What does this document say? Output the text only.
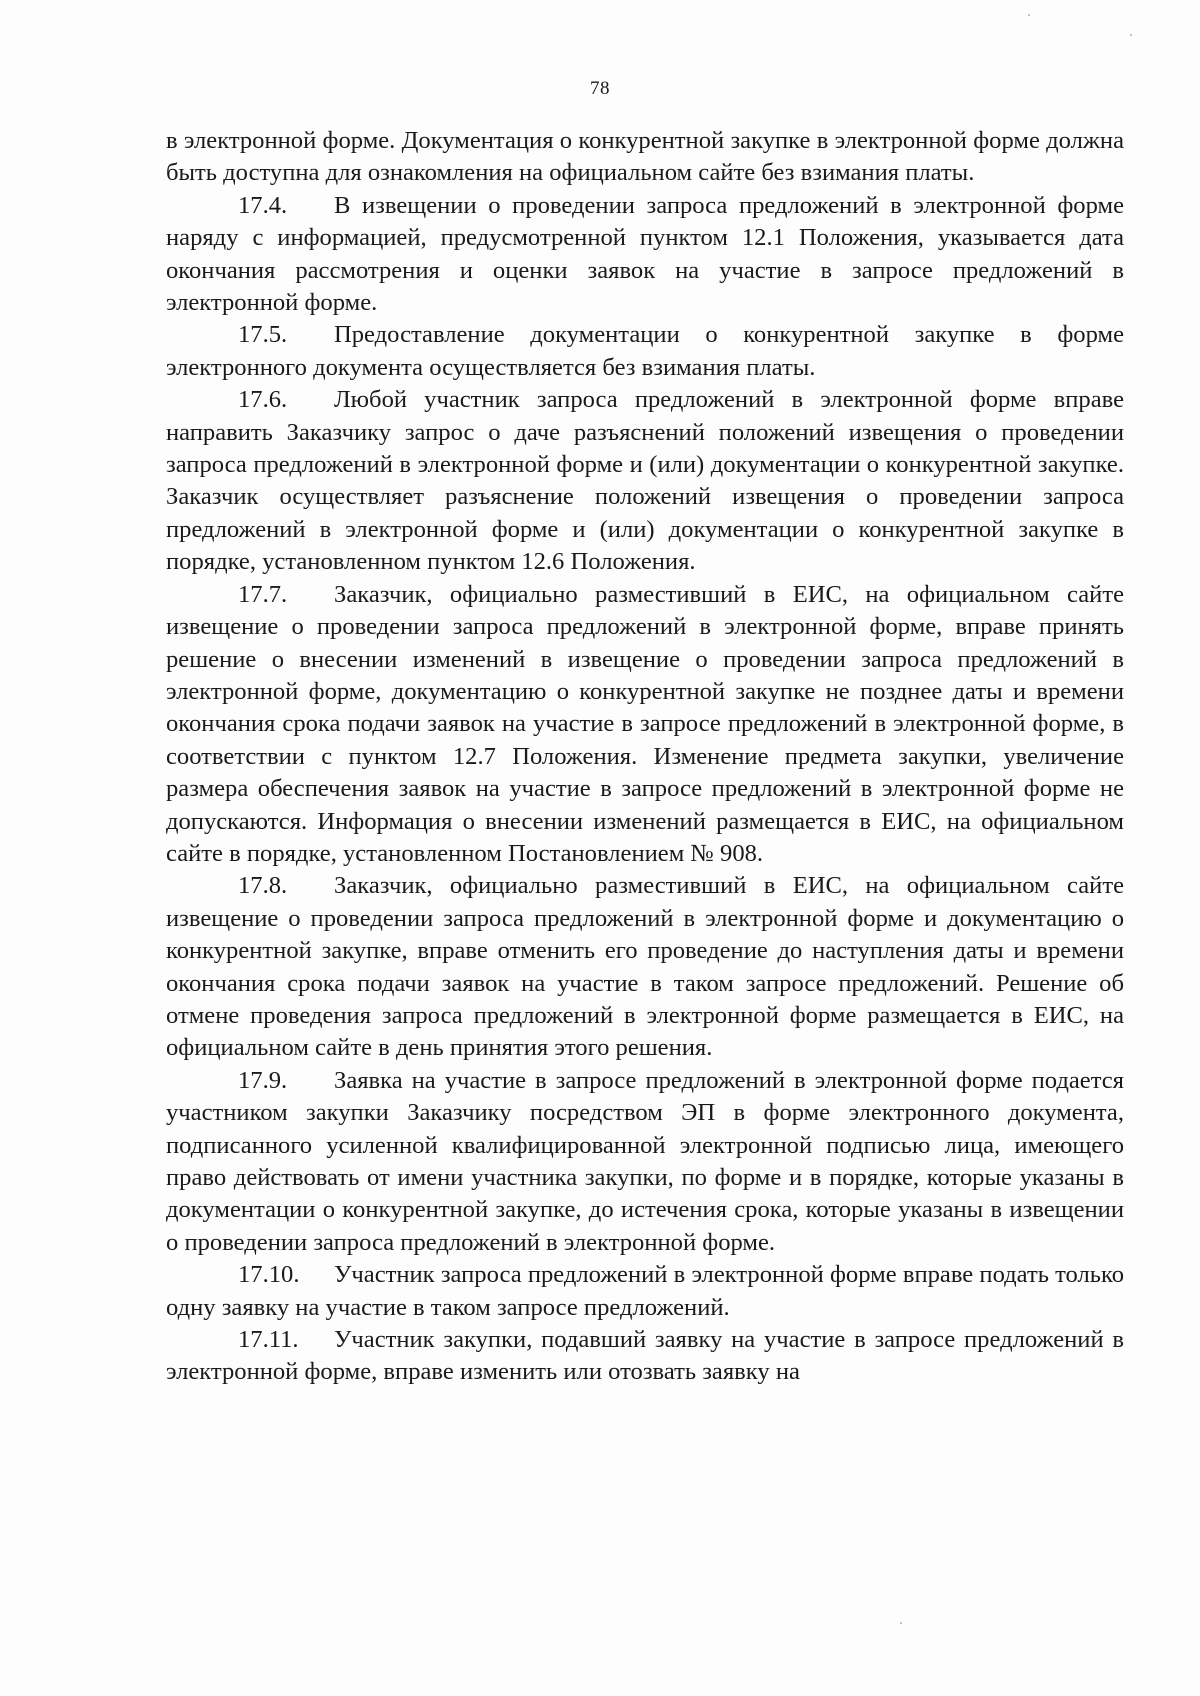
78

в электронной форме. Документация о конкурентной закупке в электронной форме должна быть доступна для ознакомления на официальном сайте без взимания платы.

17.4. В извещении о проведении запроса предложений в электронной форме наряду с информацией, предусмотренной пунктом 12.1 Положения, указывается дата окончания рассмотрения и оценки заявок на участие в запросе предложений в электронной форме.

17.5. Предоставление документации о конкурентной закупке в форме электронного документа осуществляется без взимания платы.

17.6. Любой участник запроса предложений в электронной форме вправе направить Заказчику запрос о даче разъяснений положений извещения о проведении запроса предложений в электронной форме и (или) документации о конкурентной закупке. Заказчик осуществляет разъяснение положений извещения о проведении запроса предложений в электронной форме и (или) документации о конкурентной закупке в порядке, установленном пунктом 12.6 Положения.

17.7. Заказчик, официально разместивший в ЕИС, на официальном сайте извещение о проведении запроса предложений в электронной форме, вправе принять решение о внесении изменений в извещение о проведении запроса предложений в электронной форме, документацию о конкурентной закупке не позднее даты и времени окончания срока подачи заявок на участие в запросе предложений в электронной форме, в соответствии с пунктом 12.7 Положения. Изменение предмета закупки, увеличение размера обеспечения заявок на участие в запросе предложений в электронной форме не допускаются. Информация о внесении изменений размещается в ЕИС, на официальном сайте в порядке, установленном Постановлением № 908.

17.8. Заказчик, официально разместивший в ЕИС, на официальном сайте извещение о проведении запроса предложений в электронной форме и документацию о конкурентной закупке, вправе отменить его проведение до наступления даты и времени окончания срока подачи заявок на участие в таком запросе предложений. Решение об отмене проведения запроса предложений в электронной форме размещается в ЕИС, на официальном сайте в день принятия этого решения.

17.9. Заявка на участие в запросе предложений в электронной форме подается участником закупки Заказчику посредством ЭП в форме электронного документа, подписанного усиленной квалифицированной электронной подписью лица, имеющего право действовать от имени участника закупки, по форме и в порядке, которые указаны в документации о конкурентной закупке, до истечения срока, которые указаны в извещении о проведении запроса предложений в электронной форме.

17.10. Участник запроса предложений в электронной форме вправе подать только одну заявку на участие в таком запросе предложений.

17.11. Участник закупки, подавший заявку на участие в запросе предложений в электронной форме, вправе изменить или отозвать заявку на
